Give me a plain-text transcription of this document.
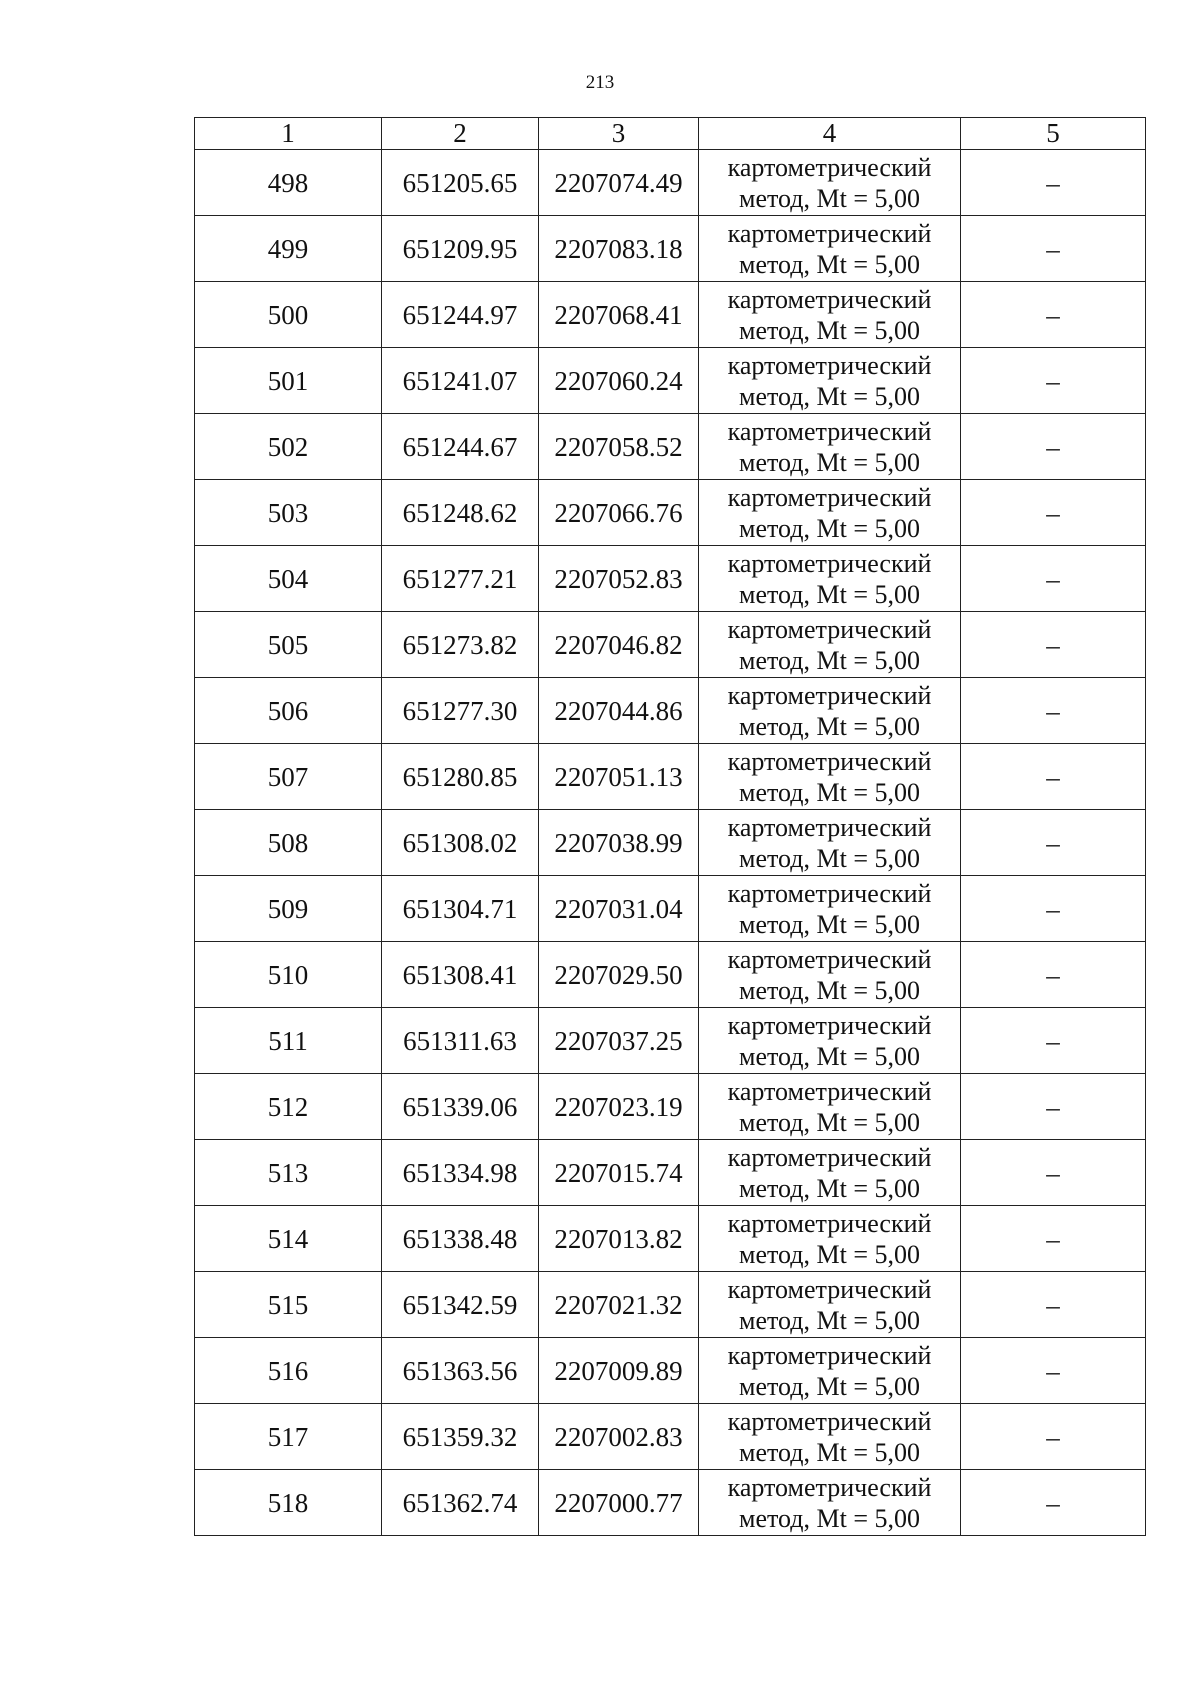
213
1	2	3	4	5
498	651205.65	2207074.49	картометрический
метод, Mt = 5,00	–
499	651209.95	2207083.18	картометрический
метод, Mt = 5,00	–
500	651244.97	2207068.41	картометрический
метод, Mt = 5,00	–
501	651241.07	2207060.24	картометрический
метод, Mt = 5,00	–
502	651244.67	2207058.52	картометрический
метод, Mt = 5,00	–
503	651248.62	2207066.76	картометрический
метод, Mt = 5,00	–
504	651277.21	2207052.83	картометрический
метод, Mt = 5,00	–
505	651273.82	2207046.82	картометрический
метод, Mt = 5,00	–
506	651277.30	2207044.86	картометрический
метод, Mt = 5,00	–
507	651280.85	2207051.13	картометрический
метод, Mt = 5,00	–
508	651308.02	2207038.99	картометрический
метод, Mt = 5,00	–
509	651304.71	2207031.04	картометрический
метод, Mt = 5,00	–
510	651308.41	2207029.50	картометрический
метод, Mt = 5,00	–
511	651311.63	2207037.25	картометрический
метод, Mt = 5,00	–
512	651339.06	2207023.19	картометрический
метод, Mt = 5,00	–
513	651334.98	2207015.74	картометрический
метод, Mt = 5,00	–
514	651338.48	2207013.82	картометрический
метод, Mt = 5,00	–
515	651342.59	2207021.32	картометрический
метод, Mt = 5,00	–
516	651363.56	2207009.89	картометрический
метод, Mt = 5,00	–
517	651359.32	2207002.83	картометрический
метод, Mt = 5,00	–
518	651362.74	2207000.77	картометрический
метод, Mt = 5,00	–
